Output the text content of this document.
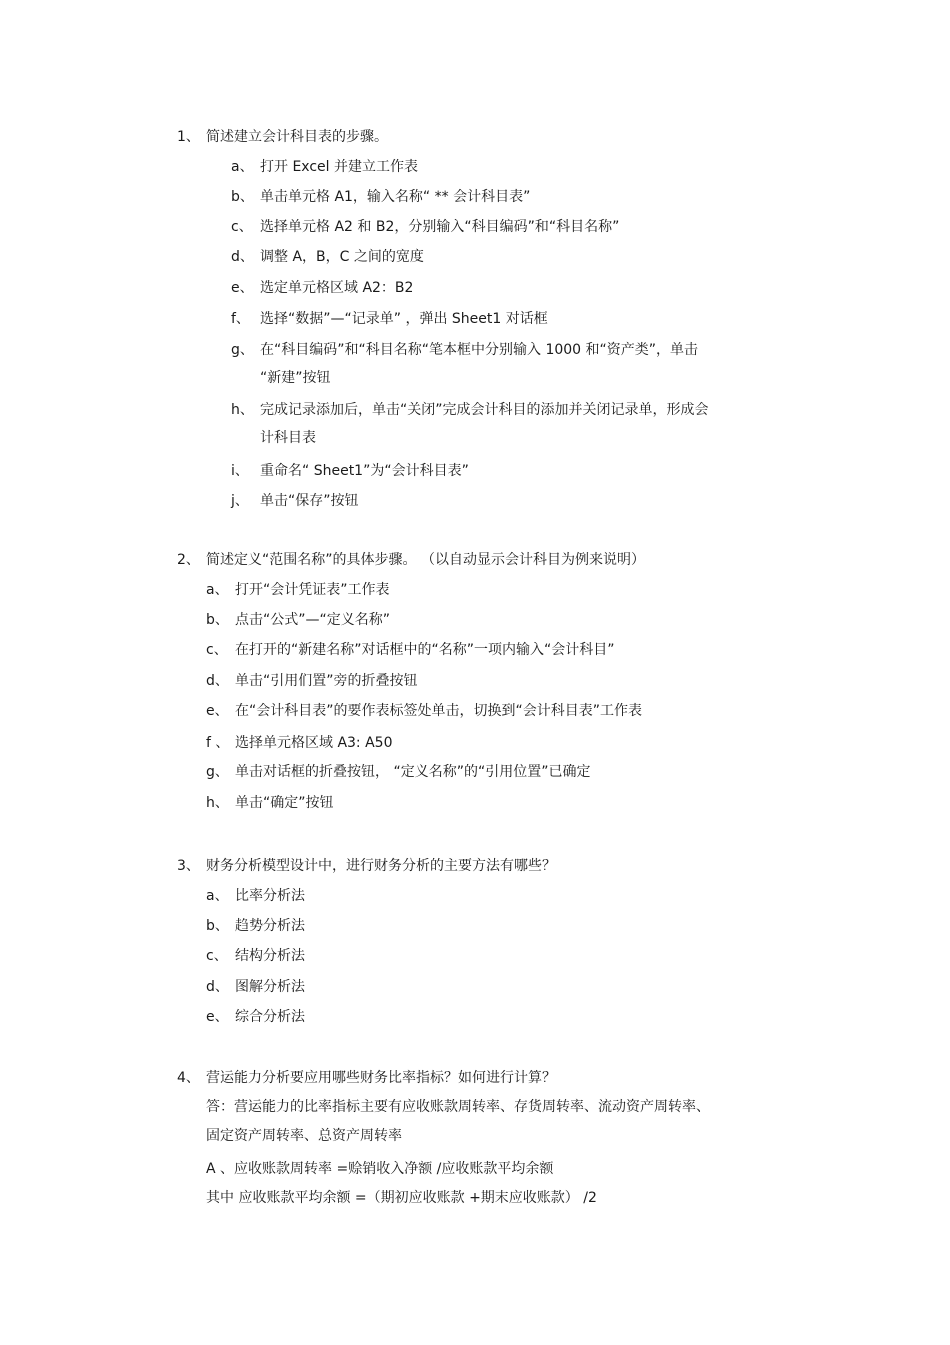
1、 简述建立会计科目表的步骤。
a、 打开 Excel 并建立工作表
b、 单击单元格 A1，输入名称“ ** 会计科目表”
c、 选择单元格 A2 和 B2，分别输入“科目编码”和“科目名称”
d、 调整 A，B，C 之间的宽度
e、 选定单元格区域 A2：B2
f、 选择“数据”—“记录单” ，弹出 Sheet1 对话框
g、 在“科目编码”和“科目名称“笔本框中分别输入 1000 和“资产类”，单击
“新建”按钮
h、 完成记录添加后，单击“关闭”完成会计科目的添加并关闭记录单，形成会
计科目表
i、 重命名“ Sheet1”为“会计科目表”
j、 单击“保存”按钮
2、 简述定义“范围名称”的具体步骤。 （以自动显示会计科目为例来说明）
a、 打开“会计凭证表”工作表
b、 点击“公式”—“定义名称”
c、 在打开的“新建名称”对话框中的“名称”一项内输入“会计科目”
d、 单击“引用们置”旁的折叠按钮
e、 在“会计科目表”的要作表标签处单击，切换到“会计科目表”工作表
f 、 选择单元格区域 A3: A50
g、 单击对话框的折叠按钮， “定义名称”的“引用位置”已确定
h、 单击“确定”按钮
3、 财务分析模型设计中，进行财务分析的主要方法有哪些？
a、 比率分析法
b、 趋势分析法
c、 结构分析法
d、 图解分析法
e、 综合分析法
4、 营运能力分析要应用哪些财务比率指标？如何进行计算？
答：营运能力的比率指标主要有应收账款周转率、存货周转率、流动资产周转率、
固定资产周转率、总资产周转率
A 、应收账款周转率 =赊销收入净额 /应收账款平均余额
其中 应收账款平均余额 =（期初应收账款 +期末应收账款） /2
